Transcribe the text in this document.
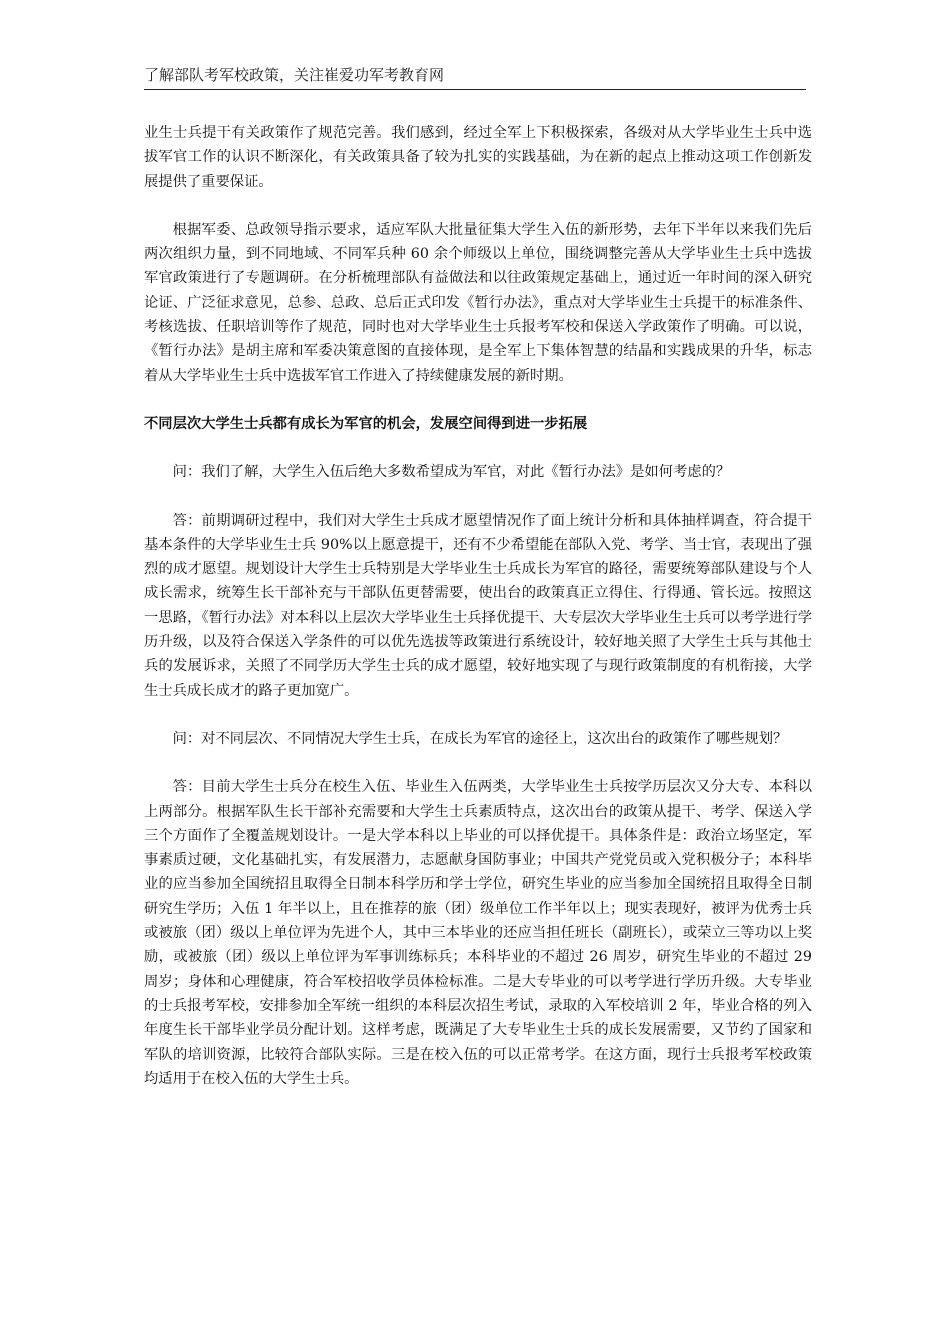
了解部队考军校政策，关注崔爱功军考教育网

业生士兵提干有关政策作了规范完善。我们感到，经过全军上下积极探索，各级对从大学毕业生士兵中选拔军官工作的认识不断深化，有关政策具备了较为扎实的实践基础，为在新的起点上推动这项工作创新发展提供了重要保证。

根据军委、总政领导指示要求，适应军队大批量征集大学生入伍的新形势，去年下半年以来我们先后两次组织力量，到不同地域、不同军兵种 60 余个师级以上单位，围绕调整完善从大学毕业生士兵中选拔军官政策进行了专题调研。在分析梳理部队有益做法和以往政策规定基础上，通过近一年时间的深入研究论证、广泛征求意见，总参、总政、总后正式印发《暂行办法》，重点对大学毕业生士兵提干的标准条件、考核选拔、任职培训等作了规范，同时也对大学毕业生士兵报考军校和保送入学政策作了明确。可以说，《暂行办法》是胡主席和军委决策意图的直接体现，是全军上下集体智慧的结晶和实践成果的升华，标志着从大学毕业生士兵中选拔军官工作进入了持续健康发展的新时期。

不同层次大学生士兵都有成长为军官的机会，发展空间得到进一步拓展

问：我们了解，大学生入伍后绝大多数希望成为军官，对此《暂行办法》是如何考虑的？

答：前期调研过程中，我们对大学生士兵成才愿望情况作了面上统计分析和具体抽样调查，符合提干基本条件的大学毕业生士兵 90%以上愿意提干，还有不少希望能在部队入党、考学、当士官，表现出了强烈的成才愿望。规划设计大学生士兵特别是大学毕业生士兵成长为军官的路径，需要统筹部队建设与个人成长需求，统筹生长干部补充与干部队伍更替需要，使出台的政策真正立得住、行得通、管长远。按照这一思路，《暂行办法》对本科以上层次大学毕业生士兵择优提干、大专层次大学毕业生士兵可以考学进行学历升级，以及符合保送入学条件的可以优先选拔等政策进行系统设计，较好地关照了大学生士兵与其他士兵的发展诉求，关照了不同学历大学生士兵的成才愿望，较好地实现了与现行政策制度的有机衔接，大学生士兵成长成才的路子更加宽广。

问：对不同层次、不同情况大学生士兵，在成长为军官的途径上，这次出台的政策作了哪些规划？

答：目前大学生士兵分在校生入伍、毕业生入伍两类，大学毕业生士兵按学历层次又分大专、本科以上两部分。根据军队生长干部补充需要和大学生士兵素质特点，这次出台的政策从提干、考学、保送入学三个方面作了全覆盖规划设计。一是大学本科以上毕业的可以择优提干。具体条件是：政治立场坚定，军事素质过硬，文化基础扎实，有发展潜力，志愿献身国防事业；中国共产党党员或入党积极分子；本科毕业的应当参加全国统招且取得全日制本科学历和学士学位，研究生毕业的应当参加全国统招且取得全日制研究生学历；入伍 1 年半以上，且在推荐的旅（团）级单位工作半年以上；现实表现好，被评为优秀士兵或被旅（团）级以上单位评为先进个人，其中三本毕业的还应当担任班长（副班长），或荣立三等功以上奖励，或被旅（团）级以上单位评为军事训练标兵；本科毕业的不超过 26 周岁，研究生毕业的不超过 29 周岁；身体和心理健康，符合军校招收学员体检标准。二是大专毕业的可以考学进行学历升级。大专毕业的士兵报考军校，安排参加全军统一组织的本科层次招生考试，录取的入军校培训 2 年，毕业合格的列入年度生长干部毕业学员分配计划。这样考虑，既满足了大专毕业生士兵的成长发展需要，又节约了国家和军队的培训资源，比较符合部队实际。三是在校入伍的可以正常考学。在这方面，现行士兵报考军校政策均适用于在校入伍的大学生士兵。
